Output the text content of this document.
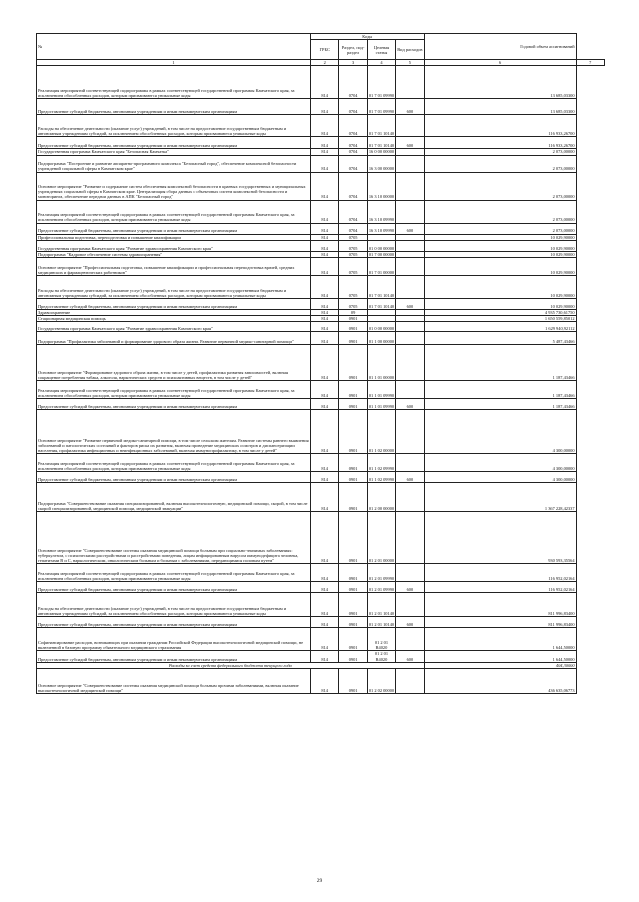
№	Коды				Годовой объем ассигнований	
	ГРБС	Раздел, под-раздел	Целевая статья	Вид расходов		
1	2	3	4	5	6	7
Реализация мероприятий соответствующей подпрограммы в рамках соответствующей государственной программы Камчатского края, за исключением обособленных расходов, которым присваиваются уникальные коды	814	0704	01 7 01 09990		13 685,03300	
Предоставление субсидий бюджетным, автономным учреждениям и иным некоммерческим организациям	814	0704	01 7 01 09990	600	13 685,03300	
Расходы на обеспечение деятельности (оказание услуг) учреждений, в том числе на предоставление государственным бюджетным и автономным учреждениям субсидий, за исключением обособленных расходов, которым присваиваются уникальные коды	814	0704	01 7 01 10140		116 933,26700	
Предоставление субсидий бюджетным, автономным учреждениям и иным некоммерческим организациям	814	0704	01 7 01 10140	600	116 933,26700	
Государственная программа Камчатского края "Безопасная Камчатка"	814	0704	16 0 00 00000		2 073,00000	
Подпрограмма "Построение и развитие аппаратно-программного комплекса "Безопасный город", обеспечение комплексной безопасности учреждений социальной сферы в Камчатском крае"	814	0704	16 3 00 00000		2 073,00000	
Основное мероприятие "Развитие и содержание систем обеспечения комплексной безопасности в краевых государственных и муниципальных учреждениях социальной сферы в Камчатском крае. Централизация сбора данных с объектовых систем комплексной безопасности и мониторинга, обеспечение передачи данных в АПК "Безопасный город"	814	0704	16 3 10 00000		2 073,00000	
Реализация мероприятий соответствующей подпрограммы в рамках соответствующей государственной программы Камчатского края, за исключением обособленных расходов, которым присваиваются уникальные коды	814	0704	16 3 10 09990		2 073,00000	
Предоставление субсидий бюджетным, автономным учреждениям и иным некоммерческим организациям	814	0704	16 3 10 09990	600	2 073,00000	
Профессиональная подготовка, переподготовка и повышение квалификации	814	0705			10 029,90000	
Государственная программа Камчатского края "Развитие здравоохранения Камчатского края"	814	0705	01 0 00 00000		10 029,90000	
Подпрограмма "Кадровое обеспечение системы здравоохранения"	814	0705	01 7 00 00000		10 029,90000	
Основное мероприятие "Профессиональная подготовка, повышение квалификации и профессиональная переподготовка врачей, средних медицинских и фармацевтических работников"	814	0705	01 7 01 00000		10 029,90000	
Расходы на обеспечение деятельности (оказание услуг) учреждений, в том числе на предоставление государственным бюджетным и автономным учреждениям субсидий, за исключением обособленных расходов, которым присваиваются уникальные коды	814	0705	01 7 01 10140		10 029,90000	
Предоставление субсидий бюджетным, автономным учреждениям и иным некоммерческим организациям	814	0705	01 7 01 10140	600	10 029,90000	
Здравоохранение	814	09			4 935 730,61750	
Стационарная медицинская помощь	814	0901			1 650 559,85012	
Государственная программа Камчатского края "Развитие здравоохранения Камчатского края"	814	0901	01 0 00 00000		1 629 940,92112	
Подпрограмма "Профилактика заболеваний и формирование здорового образа жизни. Развитие первичной медико-санитарной помощи"	814	0901	01 1 00 00000		5 487,43466	
Основное мероприятие "Формирование здорового образа жизни, в том числе у детей, профилактика развития зависимостей, включая сокращение потребления табака, алкоголя, наркотических средств и психоактивных веществ, в том числе у детей"	814	0901	01 1 01 00000		1 187,43466	
Реализация мероприятий соответствующей подпрограммы в рамках соответствующей государственной программы Камчатского края, за исключением обособленных расходов, которым присваиваются уникальные коды	814	0901	01 1 01 09990		1 187,43466	
Предоставление субсидий бюджетным, автономным учреждениям и иным некоммерческим организациям	814	0901	01 1 01 09990	600	1 187,43466	
Основное мероприятие "Развитие первичной медико-санитарной помощи, в том числе сельским жителям. Развитие системы раннего выявления заболеваний и патологических состояний и факторов риска их развития, включая проведение медицинских осмотров и диспансеризации населения, профилактика инфекционных и неинфекционных заболеваний, включая иммунопрофилактику, в том числе у детей"	814	0901	01 1 02 00000		4 300,00000	
Реализация мероприятий соответствующей подпрограммы в рамках соответствующей государственной программы Камчатского края, за исключением обособленных расходов, которым присваиваются уникальные коды	814	0901	01 1 02 09990		4 300,00000	
Предоставление субсидий бюджетным, автономным учреждениям и иным некоммерческим организациям	814	0901	01 1 02 09990	600	4 300,00000	
Подпрограмма "Совершенствование оказания специализированной, включая высокотехнологичную, медицинской помощи, скорой, в том числе скорой специализированной, медицинской помощи, медицинской эвакуации"	814	0901	01 2 00 00000		1 367 228,42337	
Основное мероприятие "Совершенствование системы оказания медицинской помощи больным при социально-значимых заболеваниях: туберкулезом, с психическими расстройствами и расстройствами поведения, лицам инфицированным вирусом иммунодефицита человека, гепатитами В и С, наркологическим, онкологическим больным и больным с заболеваниями, передающимися половым путем"	814	0901	01 2 01 00000		930 593,35564	
Реализация мероприятий соответствующей подпрограммы в рамках соответствующей государственной программы Камчатского края, за исключением обособленных расходов, которым присваиваются уникальные коды	814	0901	01 2 01 09990		116 952,02164	
Предоставление субсидий бюджетным, автономным учреждениям и иным некоммерческим организациям	814	0901	01 2 01 09990	600	116 952,02164	
Расходы на обеспечение деятельности (оказание услуг) учреждений, в том числе на предоставление государственным бюджетным и автономным учреждениям субсидий, за исключением обособленных расходов, которым присваиваются уникальные коды	814	0901	01 2 01 10140		811 996,83400	
Предоставление субсидий бюджетным, автономным учреждениям и иным некоммерческим организациям	814	0901	01 2 01 10140	600	811 996,83400	
Софинансирование расходов, возникающих при оказании гражданам Российской Федерации высокотехнологичной медицинской помощи, не включенной в базовую программу обязательного медицинского страхования	814	0901	01 2 01 R4020		1 644,50000	
Предоставление субсидий бюджетным, автономным учреждениям и иным некоммерческим организациям	814	0901	01 2 01 R4020	600	1 644,50000	
Расходы за счет средств федерального бюджета текущего года					404,30000	
Основное мероприятие "Совершенствование системы оказания медицинской помощи больным прочими заболеваниями, включая оказание высокотехнологичной медицинской помощи"	814	0901	01 2 02 00000		436 635,06773	
29
